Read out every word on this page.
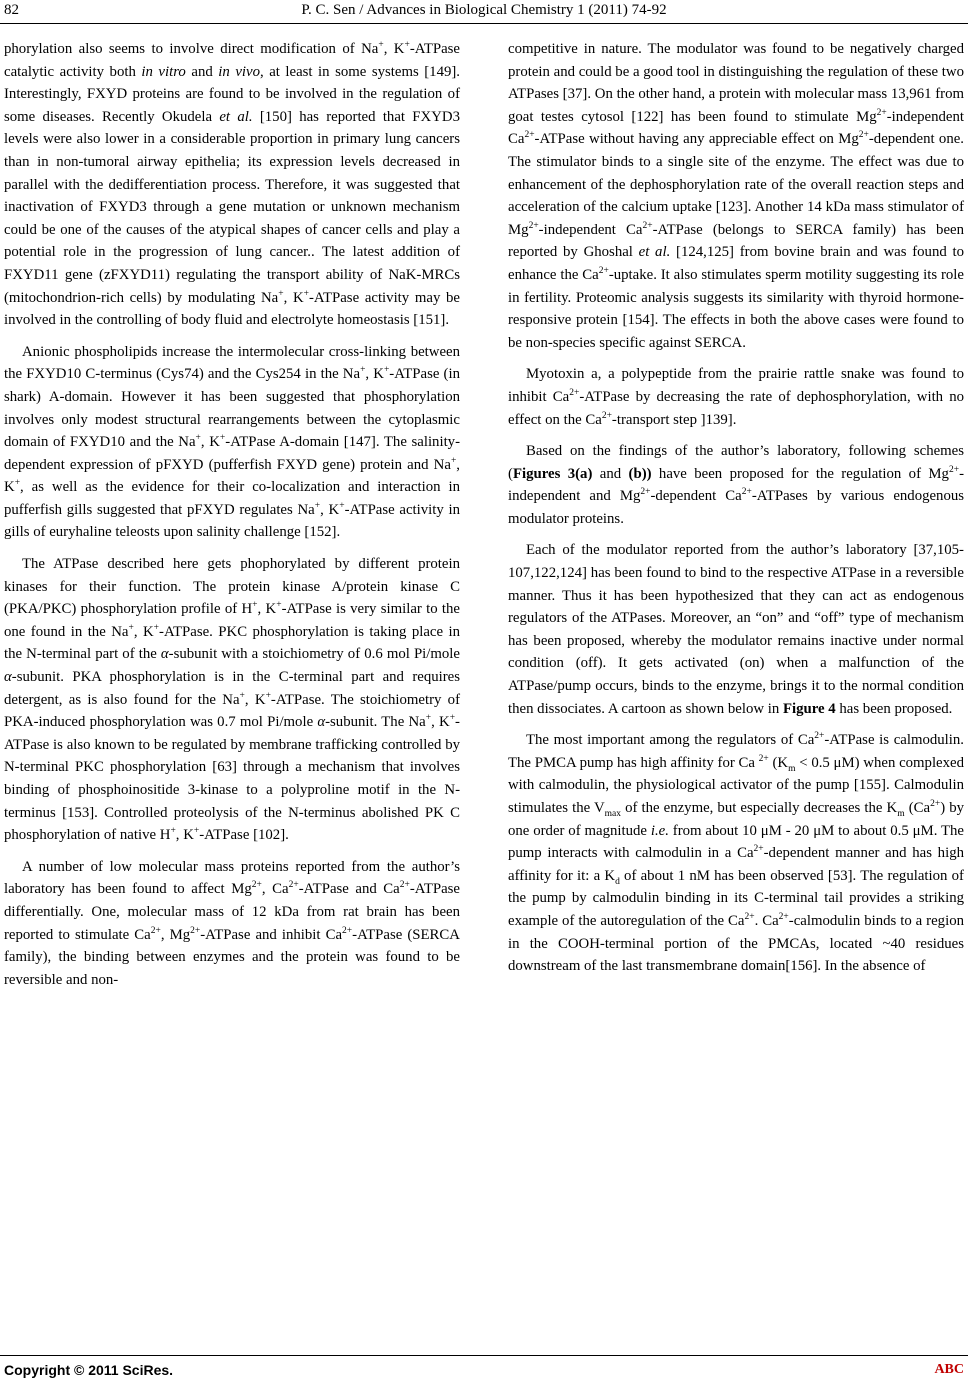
82	P. C. Sen / Advances in Biological Chemistry 1 (2011) 74-92

phorylation also seems to involve direct modification of Na+, K+-ATPase catalytic activity both in vitro and in vivo, at least in some systems [149]. Interestingly, FXYD proteins are found to be involved in the regulation of some diseases. Recently Okudela et al. [150] has reported that FXYD3 levels were also lower in a considerable proportion in primary lung cancers than in non-tumoral airway epithelia; its expression levels decreased in parallel with the dedifferentiation process. Therefore, it was suggested that inactivation of FXYD3 through a gene mutation or unknown mechanism could be one of the causes of the atypical shapes of cancer cells and play a potential role in the progression of lung cancer.. The latest addition of FXYD11 gene (zFXYD11) regulating the transport ability of NaK-MRCs (mitochondrion-rich cells) by modulating Na+, K+-ATPase activity may be involved in the controlling of body fluid and electrolyte homeostasis [151].

Anionic phospholipids increase the intermolecular cross-linking between the FXYD10 C-terminus (Cys74) and the Cys254 in the Na+, K+-ATPase (in shark) A-domain. However it has been suggested that phosphorylation involves only modest structural rearrangements between the cytoplasmic domain of FXYD10 and the Na+, K+-ATPase A-domain [147]. The salinity-dependent expression of pFXYD (pufferfish FXYD gene) protein and Na+, K+, as well as the evidence for their co-localization and interaction in pufferfish gills suggested that pFXYD regulates Na+, K+-ATPase activity in gills of euryhaline teleosts upon salinity challenge [152].

The ATPase described here gets phophorylated by different protein kinases for their function. The protein kinase A/protein kinase C (PKA/PKC) phosphorylation profile of H+, K+-ATPase is very similar to the one found in the Na+, K+-ATPase. PKC phosphorylation is taking place in the N-terminal part of the α-subunit with a stoichiometry of 0.6 mol Pi/mole α-subunit. PKA phosphorylation is in the C-terminal part and requires detergent, as is also found for the Na+, K+-ATPase. The stoichiometry of PKA-induced phosphorylation was 0.7 mol Pi/mole α-subunit. The Na+, K+-ATPase is also known to be regulated by membrane trafficking controlled by N-terminal PKC phosphorylation [63] through a mechanism that involves binding of phosphoinositide 3-kinase to a polyproline motif in the N-terminus [153]. Controlled proteolysis of the N-terminus abolished PK C phosphorylation of native H+, K+-ATPase [102].

A number of low molecular mass proteins reported from the author’s laboratory has been found to affect $Mg^{2+}$, $Ca^{2+}$-ATPase and $Ca^{2+}$-ATPase differentially. One, molecular mass of 12 kDa from rat brain has been reported to stimulate $Ca^{2+}$, $Mg^{2+}$-ATPase and inhibit $Ca^{2+}$-ATPase (SERCA family), the binding between enzymes and the protein was found to be reversible and non-

competitive in nature. The modulator was found to be negatively charged protein and could be a good tool in distinguishing the regulation of these two ATPases [37]. On the other hand, a protein with molecular mass 13,961 from goat testes cytosol [122] has been found to stimulate $Mg^{2+}$-independent $Ca^{2+}$-ATPase without having any appreciable effect on $Mg^{2+}$-dependent one. The stimulator binds to a single site of the enzyme. The effect was due to enhancement of the dephosphorylation rate of the overall reaction steps and acceleration of the calcium uptake [123]. Another 14 kDa mass stimulator of $Mg^{2+}$-independent $Ca^{2+}$-ATPase (belongs to SERCA family) has been reported by Ghoshal et al. [124,125] from bovine brain and was found to enhance the $Ca^{2+}$-uptake. It also stimulates sperm motility suggesting its role in fertility. Proteomic analysis suggests its similarity with thyroid hormone-responsive protein [154]. The effects in both the above cases were found to be non-species specific against SERCA.

Myotoxin a, a polypeptide from the prairie rattle snake was found to inhibit $Ca^{2+}$-ATPase by decreasing the rate of dephosphorylation, with no effect on the $Ca^{2+}$-transport step ]139].

Based on the findings of the author’s laboratory, following schemes (Figures 3(a) and (b)) have been proposed for the regulation of $Mg^{2+}$-independent and $Mg^{2+}$-dependent $Ca^{2+}$-ATPases by various endogenous modulator proteins.

Each of the modulator reported from the author’s laboratory [37,105-107,122,124] has been found to bind to the respective ATPase in a reversible manner. Thus it has been hypothesized that they can act as endogenous regulators of the ATPases. Moreover, an “on” and “off” type of mechanism has been proposed, whereby the modulator remains inactive under normal condition (off). It gets activated (on) when a malfunction of the ATPase/pump occurs, binds to the enzyme, brings it to the normal condition then dissociates. A cartoon as shown below in Figure 4 has been proposed.

The most important among the regulators of $Ca^{2+}$-ATPase is calmodulin. The PMCA pump has high affinity for Ca $^{2+}$ ($K_m < 0.5$ μM) when complexed with calmodulin, the physiological activator of the pump [155]. Calmodulin stimulates the $V_{max}$ of the enzyme, but especially decreases the $K_m$ $(Ca^{2+})$ by one order of magnitude i.e. from about 10 μM - 20 μM to about 0.5 μM. The pump interacts with calmodulin in a $Ca^{2+}$-dependent manner and has high affinity for it: a $K_d$ of about 1 nM has been observed [53]. The regulation of the pump by calmodulin binding in its C-terminal tail provides a striking example of the autoregulation of the $Ca^{2+}$. $Ca^{2+}$-calmodulin binds to a region in the COOH-terminal portion of the PMCAs, located ~40 residues downstream of the last transmembrane domain[156]. In the absence of

Copyright © 2011 SciRes.	ABC
